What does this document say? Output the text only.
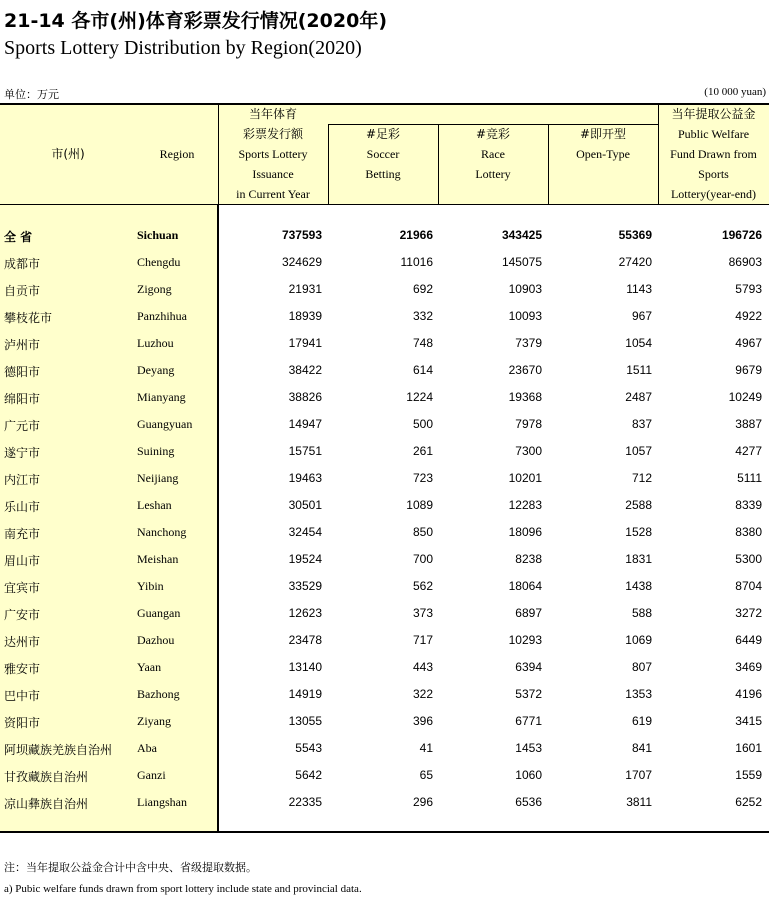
21-14 各市(州)体育彩票发行情况(2020年)
Sports Lottery Distribution by Region(2020)
单位：万元	(10 000 yuan)
市(州)	Region
当年体育
彩票发行额
Sports Lottery
Issuance
in Current Year
#足彩
Soccer
Betting
#竞彩
Race
Lottery
#即开型
Open-Type
当年提取公益金
Public Welfare
Fund Drawn from
Sports
Lottery(year-end)
全 省	Sichuan	737593	21966	343425	55369	196726
成都市	Chengdu	324629	11016	145075	27420	86903
自贡市	Zigong	21931	692	10903	1143	5793
攀枝花市	Panzhihua	18939	332	10093	967	4922
泸州市	Luzhou	17941	748	7379	1054	4967
德阳市	Deyang	38422	614	23670	1511	9679
绵阳市	Mianyang	38826	1224	19368	2487	10249
广元市	Guangyuan	14947	500	7978	837	3887
遂宁市	Suining	15751	261	7300	1057	4277
内江市	Neijiang	19463	723	10201	712	5111
乐山市	Leshan	30501	1089	12283	2588	8339
南充市	Nanchong	32454	850	18096	1528	8380
眉山市	Meishan	19524	700	8238	1831	5300
宜宾市	Yibin	33529	562	18064	1438	8704
广安市	Guangan	12623	373	6897	588	3272
达州市	Dazhou	23478	717	10293	1069	6449
雅安市	Yaan	13140	443	6394	807	3469
巴中市	Bazhong	14919	322	5372	1353	4196
资阳市	Ziyang	13055	396	6771	619	3415
阿坝藏族羌族自治州 Aba	5543	41	1453	841	1601
甘孜藏族自治州	Ganzi	5642	65	1060	1707	1559
凉山彝族自治州	Liangshan	22335	296	6536	3811	6252
注：当年提取公益金合计中含中央、省级提取数据。
a) Pubic welfare funds drawn from sport lottery include state and provincial data.
